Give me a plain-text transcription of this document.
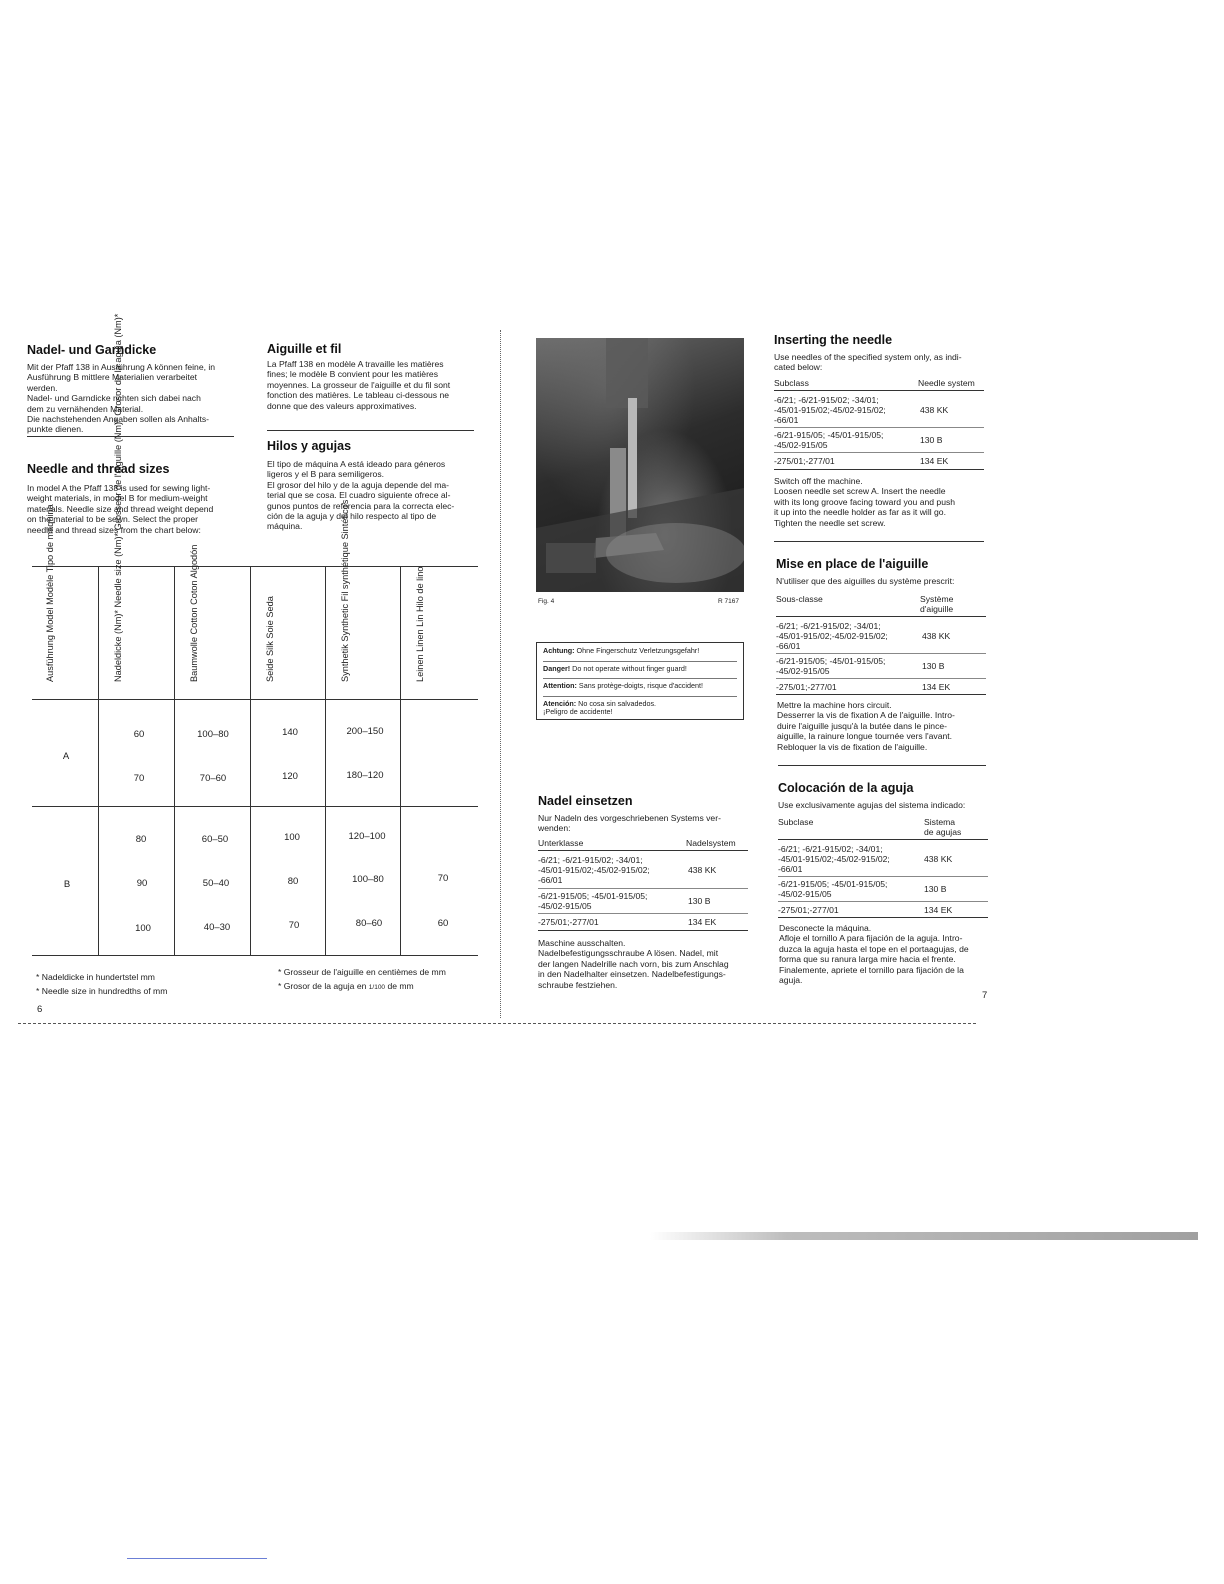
Nadel- und Garndicke

Mit der Pfaff 138 in Ausführung A können feine, in
Ausführung B mittlere Materialien verarbeitet
werden.
Nadel- und Garndicke richten sich dabei nach
dem zu vernähenden Material.
Die nachstehenden Angaben sollen als Anhalts-
punkte dienen.

Needle and thread sizes

In model A the Pfaff 138 is used for sewing light-
weight materials, in model B for medium-weight
materials. Needle size and thread weight depend
on the material to be sewn. Select the proper
needle and thread sizes from the chart below:

Aiguille et fil

La Pfaff 138 en modèle A travaille les matières
fines; le modèle B convient pour les matières
moyennes. La grosseur de l'aiguille et du fil sont
fonction des matières. Le tableau ci-dessous ne
donne que des valeurs approximatives.

Hilos y agujas

El tipo de máquina A está ideado para géneros
ligeros y el B para semiligeros.
El grosor del hilo y de la aguja depende del ma-
terial que se cosa. El cuadro siguiente ofrece al-
gunos puntos de referencia para la correcta elec-
ción de la aguja y del hilo respecto al tipo de
máquina.

Ausführung Model Modèle Tipo de máquina	Nadeldicke (Nm)* Needle size (Nm)* Grosseur de l'aiguille (Nm)* Grosor de la aguja (Nm)*	Baumwolle Cotton Coton Algodón	Seide Silk Soie Seda	Synthetik Synthetic Fil synthétique Sintéticos	Leinen Linen Lin Hilo de lino
A
60	100–80	140	200–150
70	70–60	120	180–120
B
80	60–50	100	120–100
90	50–40	80	100–80	70
100	40–30	70	80–60	60

* Nadeldicke in hundertstel mm

* Needle size in hundredths of mm

* Grosseur de l'aiguille en centièmes de mm

* Grosor de la aguja en 1/100 de mm

6
Fig. 4	R 7167

Achtung: Ohne Fingerschutz Verletzungsgefahr!

Danger! Do not operate without finger guard!

Attention: Sans protège-doigts, risque d'accident!

Atención: No cosa sin salvadedos.
¡Peligro de accidente!

Nadel einsetzen

Nur Nadeln des vorgeschriebenen Systems ver-
wenden:

Unterklasse	Nadelsystem
-6/21; -6/21-915/02; -34/01;
-45/01-915/02;-45/02-915/02;
-66/01
438 KK
-6/21-915/05; -45/01-915/05;
-45/02-915/05	130 B
-275/01;-277/01	134 EK

Maschine ausschalten.
Nadelbefestigungsschraube A lösen. Nadel, mit
der langen Nadelrille nach vorn, bis zum Anschlag
in den Nadelhalter einsetzen. Nadelbefestigungs-
schraube festziehen.

Inserting the needle

Use needles of the specified system only, as indi-
cated below:

Subclass	Needle system
-6/21; -6/21-915/02; -34/01;
-45/01-915/02;-45/02-915/02;
-66/01
438 KK
-6/21-915/05; -45/01-915/05;
-45/02-915/05	130 B
-275/01;-277/01	134 EK

Switch off the machine.
Loosen needle set screw A. Insert the needle
with its long groove facing toward you and push
it up into the needle holder as far as it will go.
Tighten the needle set screw.

Mise en place de l'aiguille

N'utiliser que des aiguilles du système prescrit:

Sous-classe	Système
d'aiguille
-6/21; -6/21-915/02; -34/01;
-45/01-915/02;-45/02-915/02;
-66/01
438 KK
-6/21-915/05; -45/01-915/05;
-45/02-915/05	130 B
-275/01;-277/01	134 EK

Mettre la machine hors circuit.
Desserrer la vis de fixation A de l'aiguille. Intro-
duire l'aiguille jusqu'à la butée dans le pince-
aiguille, la rainure longue tournée vers l'avant.
Rebloquer la vis de fixation de l'aiguille.

Colocación de la aguja

Use exclusivamente agujas del sistema indicado:

Subclase	Sistema
de agujas
-6/21; -6/21-915/02; -34/01;
-45/01-915/02;-45/02-915/02;
-66/01
438 KK
-6/21-915/05; -45/01-915/05;
-45/02-915/05	130 B
-275/01;-277/01	134 EK

Desconecte la máquina.
Afloje el tornillo A para fijación de la aguja. Intro-
duzca la aguja hasta el tope en el portaagujas, de
forma que su ranura larga mire hacia el frente.
Finalemente, apriete el tornillo para fijación de la
aguja.

7
